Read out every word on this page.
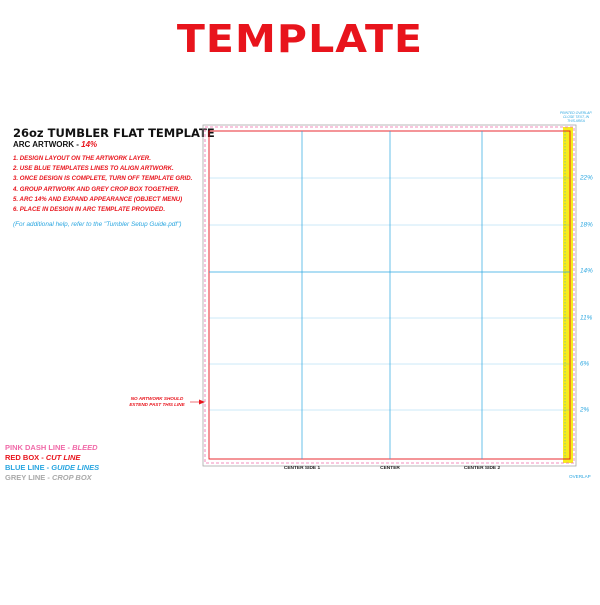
TEMPLATE
26oz TUMBLER FLAT TEMPLATE
ARC ARTWORK - 14%
1. DESIGN LAYOUT ON THE ARTWORK LAYER.
2. USE BLUE TEMPLATES LINES TO ALIGN ARTWORK.
3. ONCE DESIGN IS COMPLETE, TURN OFF TEMPLATE GRID.
4. GROUP ARTWORK AND GREY CROP BOX TOGETHER.
5. ARC 14% AND EXPAND APPEARANCE (OBJECT MENU)
6. PLACE IN DESIGN IN ARC TEMPLATE PROVIDED.
(For additional help, refer to the "Tumbler Setup Guide.pdf")
PINK DASH LINE - BLEED
RED BOX - CUT LINE
BLUE LINE - GUIDE LINES
GREY LINE - CROP BOX
NO ARTWORK SHOULD EXTEND PAST THIS LINE
CENTER SIDE 1	CENTER	CENTER SIDE 2
22%
18%
14%
11%
6%
2%
PRINTED OVERLAP. CLOSE TEXT, IN THIS AREA
OVERLAP
